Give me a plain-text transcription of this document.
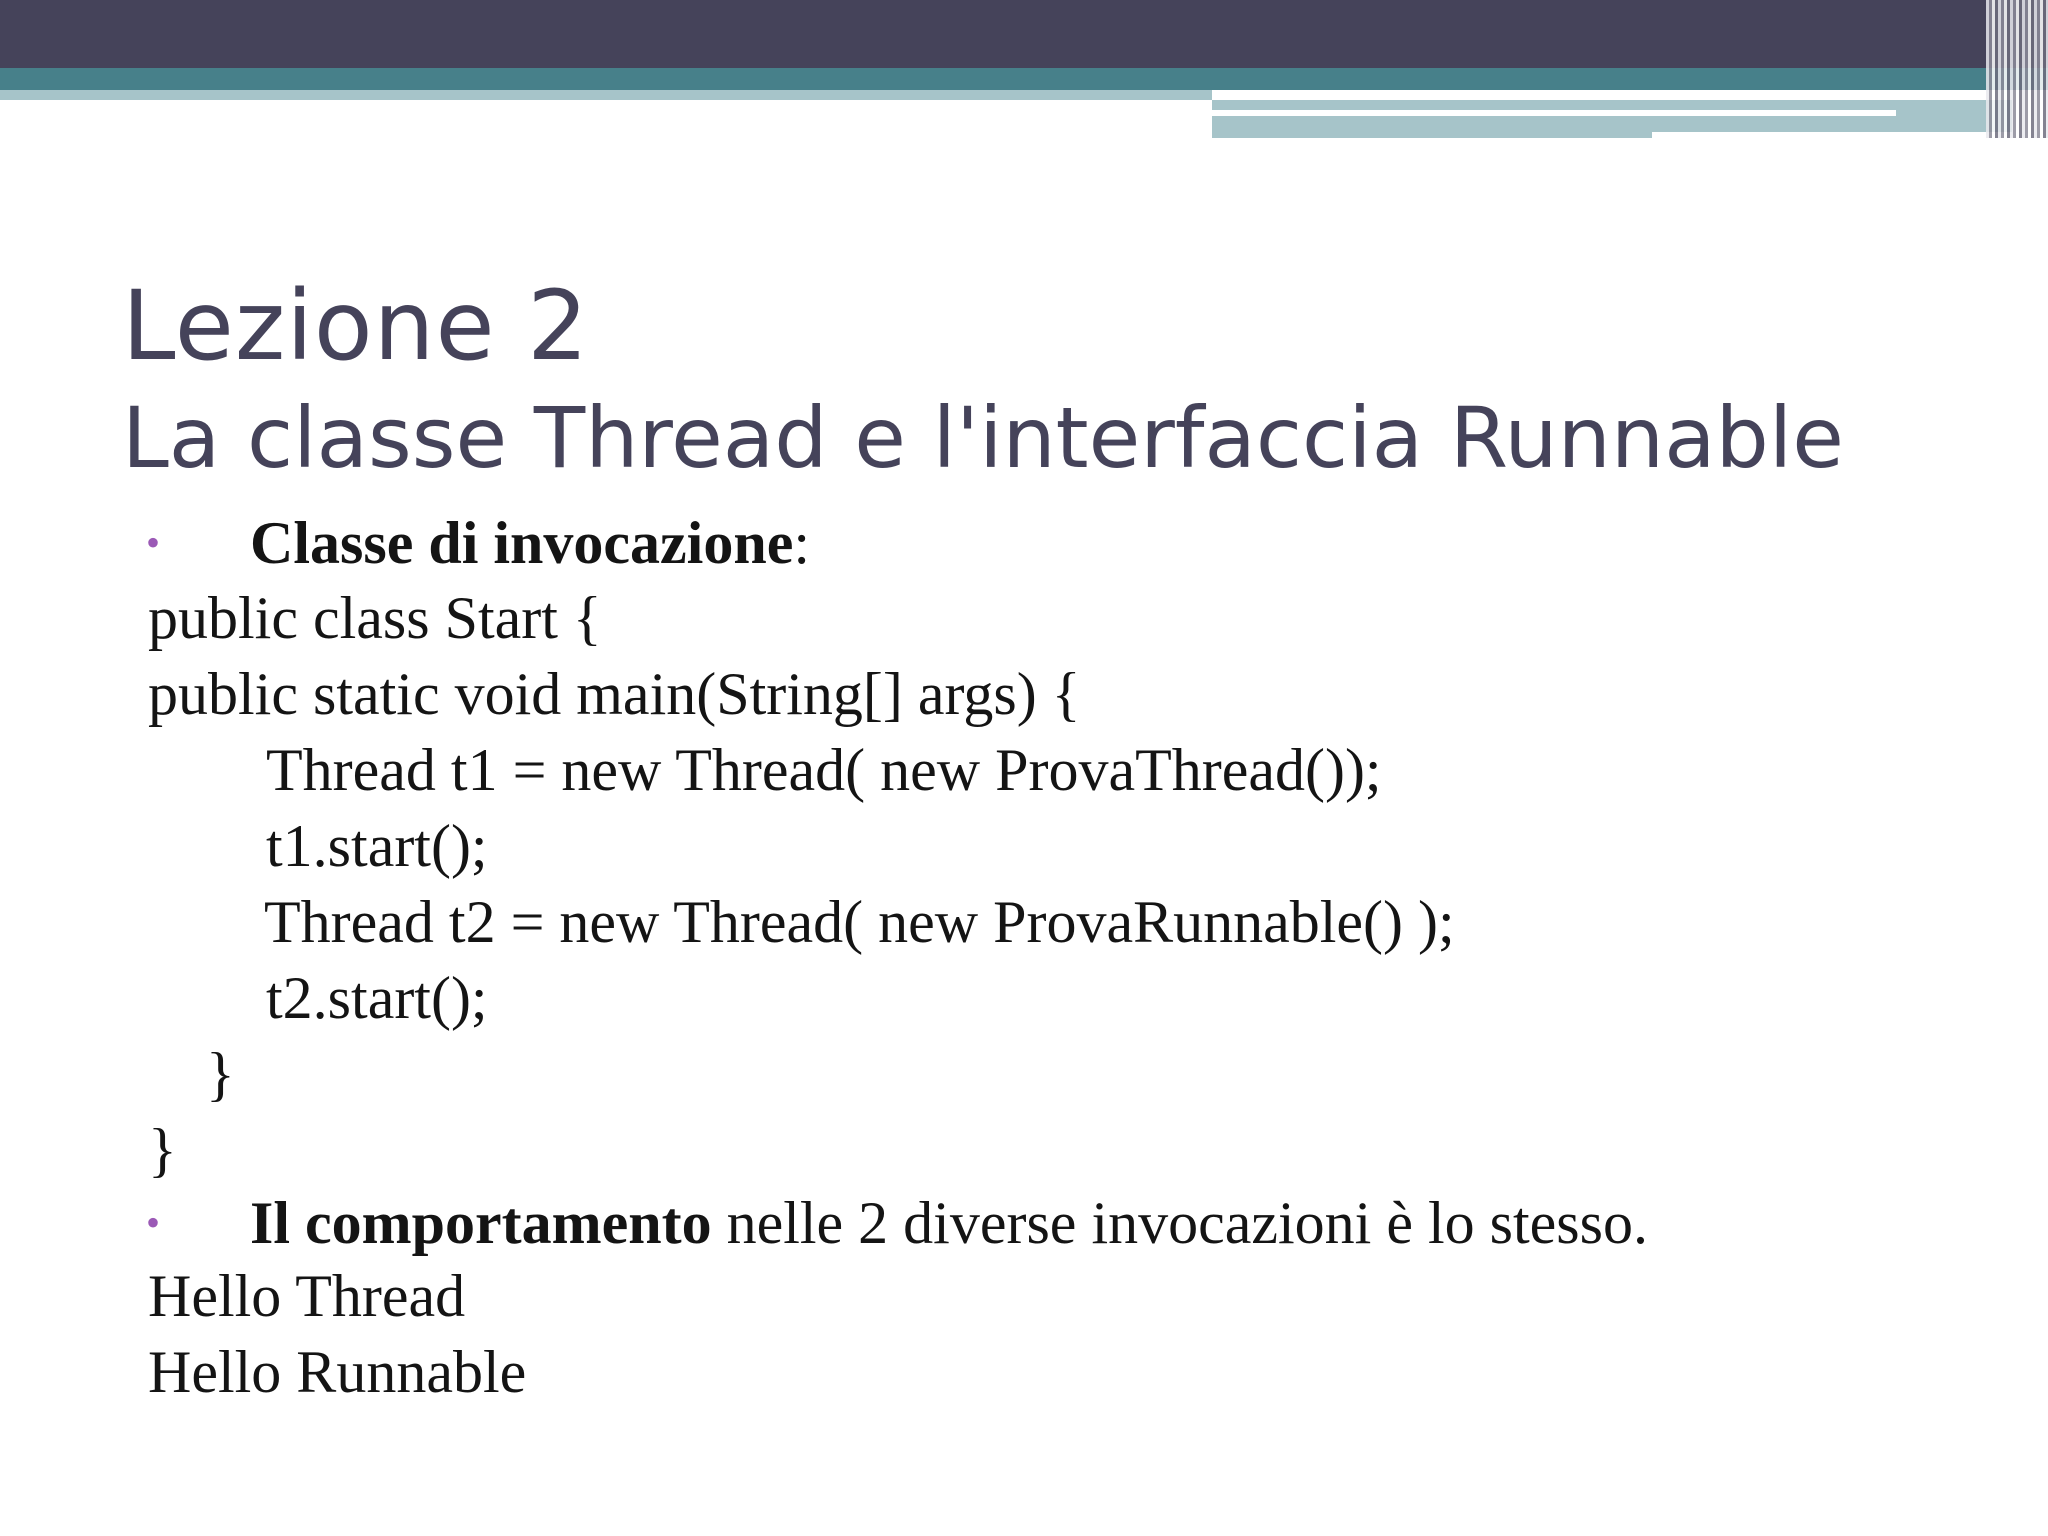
Lezione 2
La classe Thread e l'interfaccia Runnable
• Classe di invocazione:
public class Start {
public static void main(String[] args) {
Thread t1 = new Thread( new ProvaThread());
t1.start();
Thread t2 = new Thread( new ProvaRunnable() );
t2.start();
}
}
• Il comportamento nelle 2 diverse invocazioni è lo stesso.
Hello Thread
Hello Runnable
